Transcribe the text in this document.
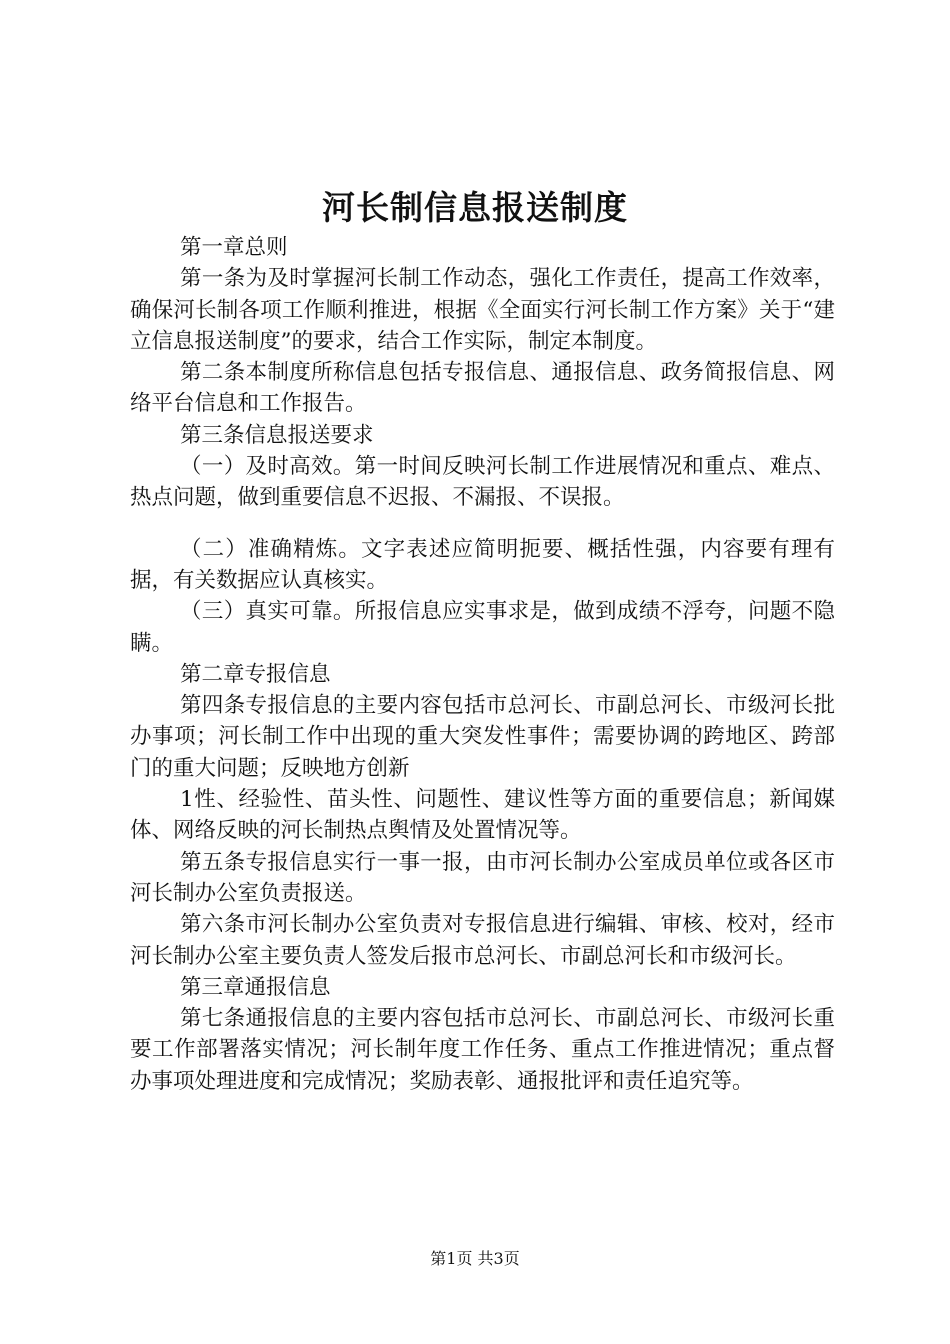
河长制信息报送制度

第一章总则

第一条为及时掌握河长制工作动态，强化工作责任，提高工作效率，确保河长制各项工作顺利推进，根据《全面实行河长制工作方案》关于“建立信息报送制度”的要求，结合工作实际，制定本制度。

第二条本制度所称信息包括专报信息、通报信息、政务简报信息、网络平台信息和工作报告。

第三条信息报送要求

（一）及时高效。第一时间反映河长制工作进展情况和重点、难点、热点问题，做到重要信息不迟报、不漏报、不误报。

（二）准确精炼。文字表述应简明扼要、概括性强，内容要有理有据，有关数据应认真核实。

（三）真实可靠。所报信息应实事求是，做到成绩不浮夸，问题不隐瞒。

第二章专报信息

第四条专报信息的主要内容包括市总河长、市副总河长、市级河长批办事项；河长制工作中出现的重大突发性事件；需要协调的跨地区、跨部门的重大问题；反映地方创新

1性、经验性、苗头性、问题性、建议性等方面的重要信息；新闻媒体、网络反映的河长制热点舆情及处置情况等。

第五条专报信息实行一事一报，由市河长制办公室成员单位或各区市河长制办公室负责报送。

第六条市河长制办公室负责对专报信息进行编辑、审核、校对，经市河长制办公室主要负责人签发后报市总河长、市副总河长和市级河长。

第三章通报信息

第七条通报信息的主要内容包括市总河长、市副总河长、市级河长重要工作部署落实情况；河长制年度工作任务、重点工作推进情况；重点督办事项处理进度和完成情况；奖励表彰、通报批评和责任追究等。

第1页 共3页
